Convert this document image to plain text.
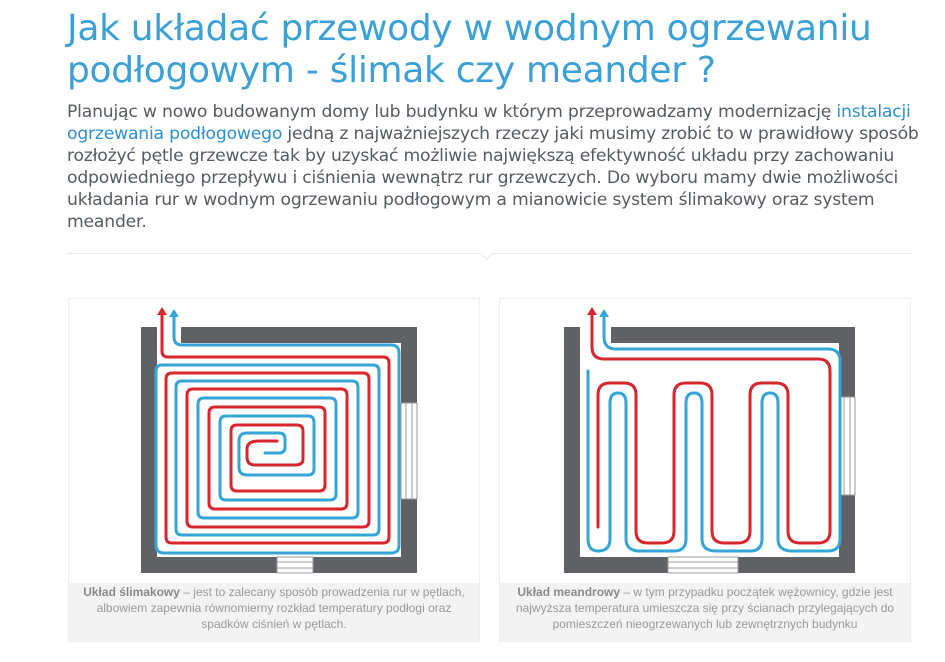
Jak układać przewody w wodnym ogrzewaniu podłogowym - ślimak czy meander ?

Planując w nowo budowanym domy lub budynku w którym przeprowadzamy modernizację instalacji ogrzewania podłogowego jedną z najważniejszych rzeczy jaki musimy zrobić to w prawidłowy sposób rozłożyć pętle grzewcze tak by uzyskać możliwie największą efektywność układu przy zachowaniu odpowiedniego przepływu i ciśnienia wewnątrz rur grzewczych. Do wyboru mamy dwie możliwości układania rur w wodnym ogrzewaniu podłogowym a mianowicie system ślimakowy oraz system meander.

Układ ślimakowy – jest to zalecany sposób prowadzenia rur w pętlach, albowiem zapewnia równomierny rozkład temperatury podłogi oraz spadków ciśnień w pętlach.
Układ meandrowy – w tym przypadku początek wężownicy, gdzie jest najwyższa temperatura umieszcza się przy ścianach przylegających do pomieszczeń nieogrzewanych lub zewnętrznych budynku
